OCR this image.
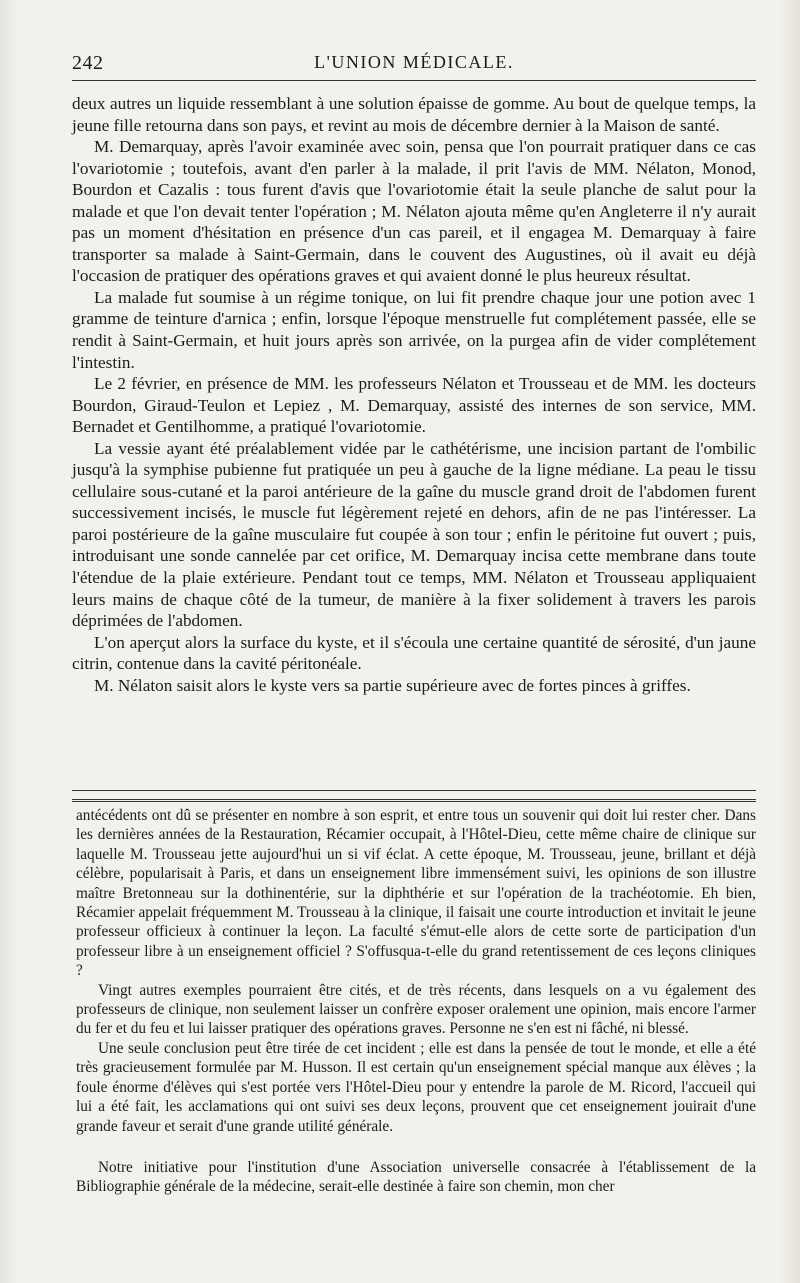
242	L'UNION MÉDICALE.

deux autres un liquide ressemblant à une solution épaisse de gomme. Au bout de quelque temps, la jeune fille retourna dans son pays, et revint au mois de décembre dernier à la Maison de santé.

M. Demarquay, après l'avoir examinée avec soin, pensa que l'on pourrait pratiquer dans ce cas l'ovariotomie ; toutefois, avant d'en parler à la malade, il prit l'avis de MM. Nélaton, Monod, Bourdon et Cazalis : tous furent d'avis que l'ovariotomie était la seule planche de salut pour la malade et que l'on devait tenter l'opération ; M. Nélaton ajouta même qu'en Angleterre il n'y aurait pas un moment d'hésitation en présence d'un cas pareil, et il engagea M. Demarquay à faire transporter sa malade à Saint-Germain, dans le couvent des Augustines, où il avait eu déjà l'occasion de pratiquer des opérations graves et qui avaient donné le plus heureux résultat.

La malade fut soumise à un régime tonique, on lui fit prendre chaque jour une potion avec 1 gramme de teinture d'arnica ; enfin, lorsque l'époque menstruelle fut complétement passée, elle se rendit à Saint-Germain, et huit jours après son arrivée, on la purgea afin de vider complétement l'intestin.

Le 2 février, en présence de MM. les professeurs Nélaton et Trousseau et de MM. les docteurs Bourdon, Giraud-Teulon et Lepiez , M. Demarquay, assisté des internes de son service, MM. Bernadet et Gentilhomme, a pratiqué l'ovariotomie.

La vessie ayant été préalablement vidée par le cathétérisme, une incision partant de l'ombilic jusqu'à la symphise pubienne fut pratiquée un peu à gauche de la ligne médiane. La peau le tissu cellulaire sous-cutané et la paroi antérieure de la gaîne du muscle grand droit de l'abdomen furent successivement incisés, le muscle fut légèrement rejeté en dehors, afin de ne pas l'intéresser. La paroi postérieure de la gaîne musculaire fut coupée à son tour ; enfin le péritoine fut ouvert ; puis, introduisant une sonde cannelée par cet orifice, M. Demarquay incisa cette membrane dans toute l'étendue de la plaie extérieure. Pendant tout ce temps, MM. Nélaton et Trousseau appliquaient leurs mains de chaque côté de la tumeur, de manière à la fixer solidement à travers les parois déprimées de l'abdomen.

L'on aperçut alors la surface du kyste, et il s'écoula une certaine quantité de sérosité, d'un jaune citrin, contenue dans la cavité péritonéale.

M. Nélaton saisit alors le kyste vers sa partie supérieure avec de fortes pinces à griffes.

antécédents ont dû se présenter en nombre à son esprit, et entre tous un souvenir qui doit lui rester cher. Dans les dernières années de la Restauration, Récamier occupait, à l'Hôtel-Dieu, cette même chaire de clinique sur laquelle M. Trousseau jette aujourd'hui un si vif éclat. A cette époque, M. Trousseau, jeune, brillant et déjà célèbre, popularisait à Paris, et dans un enseignement libre immensément suivi, les opinions de son illustre maître Bretonneau sur la dothinentérie, sur la diphthérie et sur l'opération de la trachéotomie. Eh bien, Récamier appelait fréquemment M. Trousseau à la clinique, il faisait une courte introduction et invitait le jeune professeur officieux à continuer la leçon. La faculté s'émut-elle alors de cette sorte de participation d'un professeur libre à un enseignement officiel ? S'offusqua-t-elle du grand retentissement de ces leçons cliniques ?

Vingt autres exemples pourraient être cités, et de très récents, dans lesquels on a vu également des professeurs de clinique, non seulement laisser un confrère exposer oralement une opinion, mais encore l'armer du fer et du feu et lui laisser pratiquer des opérations graves. Personne ne s'en est ni fâché, ni blessé.

Une seule conclusion peut être tirée de cet incident ; elle est dans la pensée de tout le monde, et elle a été très gracieusement formulée par M. Husson. Il est certain qu'un enseignement spécial manque aux élèves ; la foule énorme d'élèves qui s'est portée vers l'Hôtel-Dieu pour y entendre la parole de M. Ricord, l'accueil qui lui a été fait, les acclamations qui ont suivi ses deux leçons, prouvent que cet enseignement jouirait d'une grande faveur et serait d'une grande utilité générale.

Notre initiative pour l'institution d'une Association universelle consacrée à l'établissement de la Bibliographie générale de la médecine, serait-elle destinée à faire son chemin, mon cher
